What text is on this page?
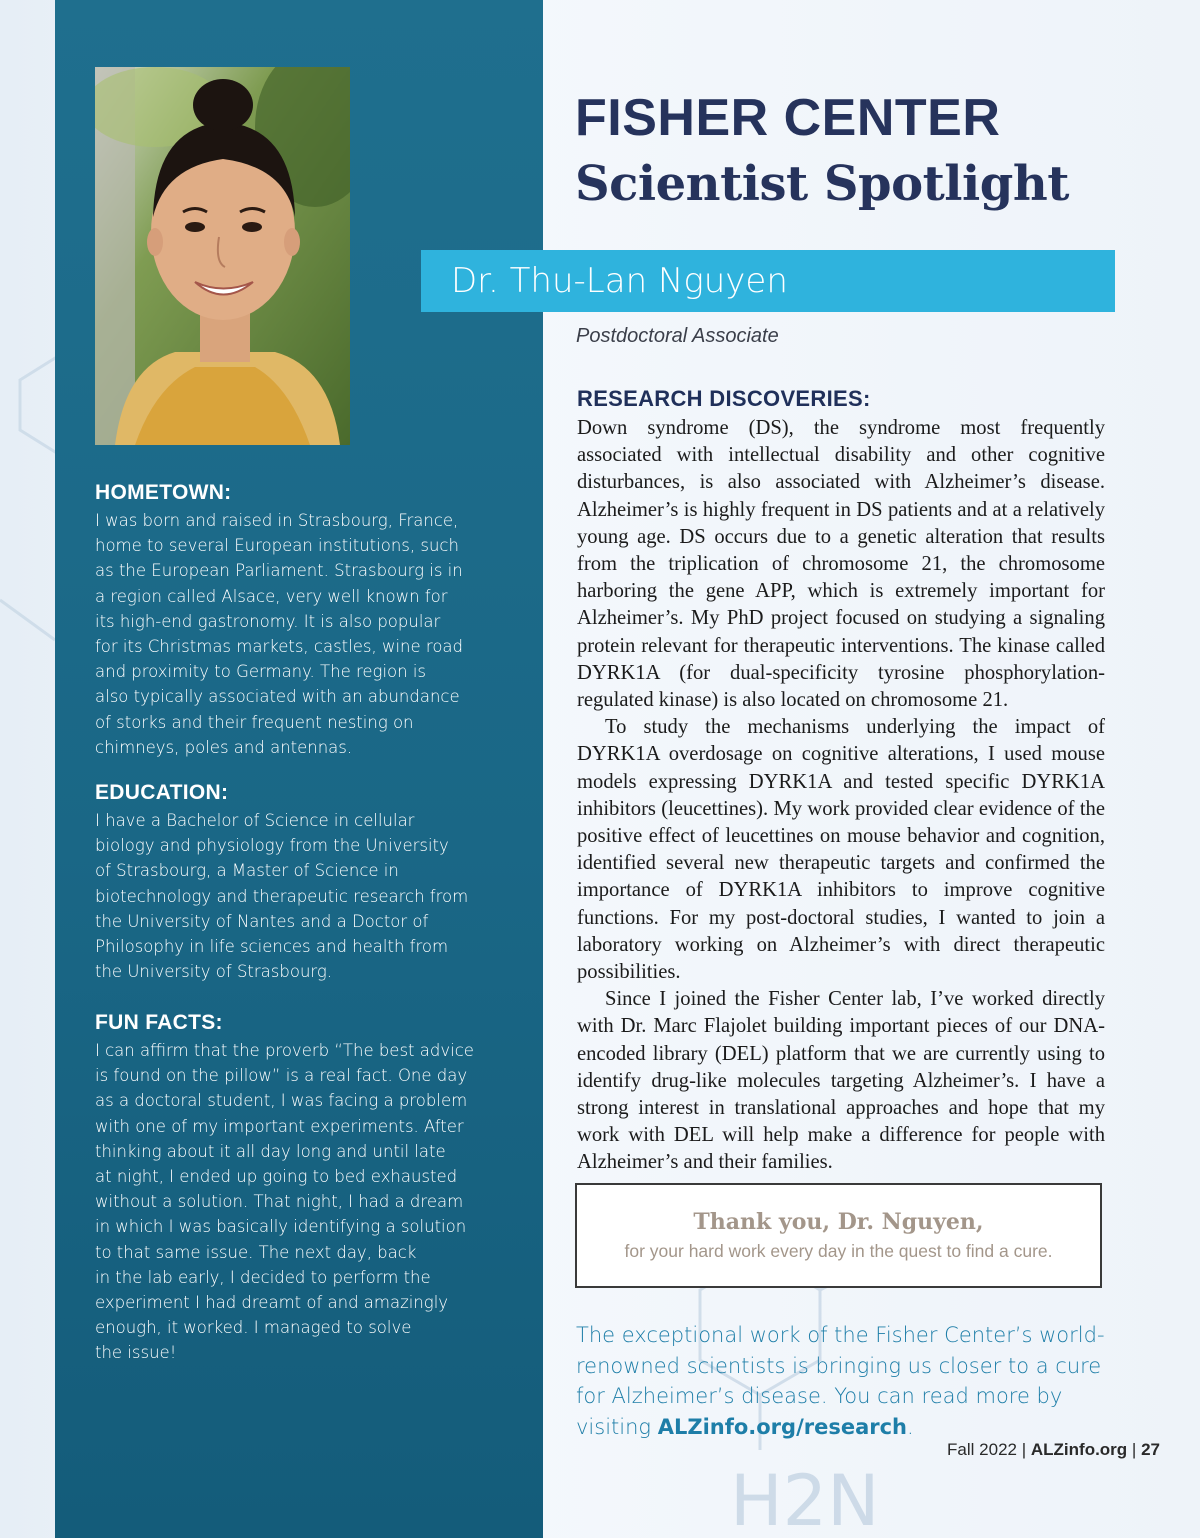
H2N
HOMETOWN:
I was born and raised in Strasbourg, France,
home to several European institutions, such
as the European Parliament. Strasbourg is in
a region called Alsace, very well known for
its high-end gastronomy. It is also popular
for its Christmas markets, castles, wine road
and proximity to Germany. The region is
also typically associated with an abundance
of storks and their frequent nesting on
chimneys, poles and antennas.
EDUCATION:
I have a Bachelor of Science in cellular
biology and physiology from the University
of Strasbourg, a Master of Science in
biotechnology and therapeutic research from
the University of Nantes and a Doctor of
Philosophy in life sciences and health from
the University of Strasbourg.
FUN FACTS:
I can affirm that the proverb “The best advice
is found on the pillow” is a real fact. One day
as a doctoral student, I was facing a problem
with one of my important experiments. After
thinking about it all day long and until late
at night, I ended up going to bed exhausted
without a solution. That night, I had a dream
in which I was basically identifying a solution
to that same issue. The next day, back
in the lab early, I decided to perform the
experiment I had dreamt of and amazingly
enough, it worked. I managed to solve
the issue!
FISHER CENTER
Scientist Spotlight
Dr. Thu-Lan Nguyen
Postdoctoral Associate
RESEARCH DISCOVERIES:

Down syndrome (DS), the syndrome most frequently associated with intellectual disability and other cognitive disturbances, is also associated with Alzheimer’s disease. Alzheimer’s is highly frequent in DS patients and at a relatively young age. DS occurs due to a genetic alteration that results from the triplication of chromosome 21, the chromosome harboring the gene APP, which is extremely important for Alzheimer’s. My PhD project focused on studying a signaling protein relevant for therapeutic interventions. The kinase called DYRK1A (for dual-specificity tyrosine phosphorylation-regulated kinase) is also located on chromosome 21.

To study the mechanisms underlying the impact of DYRK1A overdosage on cognitive alterations, I used mouse models expressing DYRK1A and tested specific DYRK1A inhibitors (leucettines). My work provided clear evidence of the positive effect of leucettines on mouse behavior and cognition, identified several new therapeutic targets and confirmed the importance of DYRK1A inhibitors to improve cognitive functions. For my post-doctoral studies, I wanted to join a laboratory working on Alzheimer’s with direct therapeutic possibilities.

Since I joined the Fisher Center lab, I’ve worked directly with Dr. Marc Flajolet building important pieces of our DNA-encoded library (DEL) platform that we are currently using to identify drug-like molecules targeting Alzheimer’s. I have a strong interest in translational approaches and hope that my work with DEL will help make a difference for people with Alzheimer’s and their families.

Thank you, Dr. Nguyen,
for your hard work every day in the quest to find a cure.
The exceptional work of the Fisher Center’s world-renowned scientists is bringing us closer to a cure for Alzheimer’s disease. You can read more by visiting ALZinfo.org/research.
Fall 2022 | ALZinfo.org | 27
